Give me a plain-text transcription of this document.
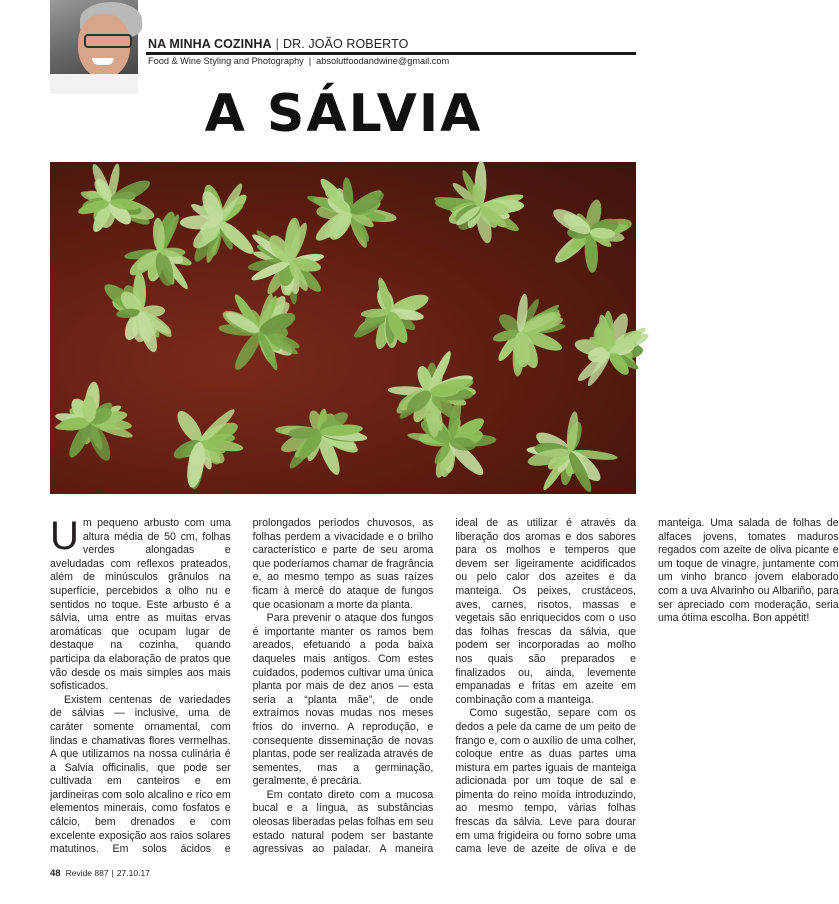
NA MINHA COZINHA | DR. JOÃO ROBERTO
Food & Wine Styling and Photography | absolutfoodandwine@gmail.com
A SÁLVIA

Um pequeno arbusto com uma altura média de 50 cm, folhas verdes alongadas e aveludadas com reflexos prateados, além de minúsculos grânulos na superfície, percebidos a olho nu e sentidos no toque. Este arbusto é a sálvia, uma entre as muitas ervas aromáticas que ocupam lugar de destaque na cozinha, quando participa da elaboração de pratos que vão desde os mais simples aos mais sofisticados.

Existem centenas de variedades de sálvias — inclusive, uma de caráter somente ornamental, com lindas e chamativas flores vermelhas. A que utilizamos na nossa culinária é a Salvia officinalis, que pode ser cultivada em canteiros e em jardineiras com solo alcalino e rico em elementos minerais, como fosfatos e cálcio, bem drenados e com excelente exposição aos raios solares matutinos. Em solos ácidos e prolongados períodos chuvosos, as folhas perdem a vivacidade e o brilho característico e parte de seu aroma que poderíamos chamar de fragrância e, ao mesmo tempo as suas raízes ficam à mercê do ataque de fungos que ocasionam a morte da planta.

Para prevenir o ataque dos fungos é importante manter os ramos bem areados, efetuando a poda baixa daqueles mais antigos. Com estes cuidados, podemos cultivar uma única planta por mais de dez anos — esta seria a “planta mãe”, de onde extraímos novas mudas nos meses frios do inverno. A reprodução, e consequente disseminação de novas plantas, pode ser realizada através de sementes, mas a germinação, geralmente, é precária.

Em contato direto com a mucosa bucal e a língua, as substâncias oleosas liberadas pelas folhas em seu estado natural podem ser bastante agressivas ao paladar. A maneira ideal de as utilizar é através da liberação dos aromas e dos sabores para os molhos e temperos que devem ser ligeiramente acidificados ou pelo calor dos azeites e da manteiga. Os peixes, crustáceos, aves, carnes, risotos, massas e vegetais são enriquecidos com o uso das folhas frescas da sálvia, que podem ser incorporadas ao molho nos quais são preparados e finalizados ou, ainda, levemente empanadas e fritas em azeite em combinação com a manteiga.

Como sugestão, separe com os dedos a pele da carne de um peito de frango e, com o auxílio de uma colher, coloque entre as duas partes uma mistura em partes iguais de manteiga adicionada por um toque de sal e pimenta do reino moída introduzindo, ao mesmo tempo, várias folhas frescas da sálvia. Leve para dourar em uma frigideira ou forno sobre uma cama leve de azeite de oliva e de manteiga. Uma salada de folhas de alfaces jovens, tomates maduros regados com azeite de oliva picante e um toque de vinagre, juntamente com um vinho branco jovem elaborado com a uva Alvarinho ou Albariño, para ser apreciado com moderação, seria uma ótima escolha. Bon appétit!

48 Revide 887 | 27.10.17
